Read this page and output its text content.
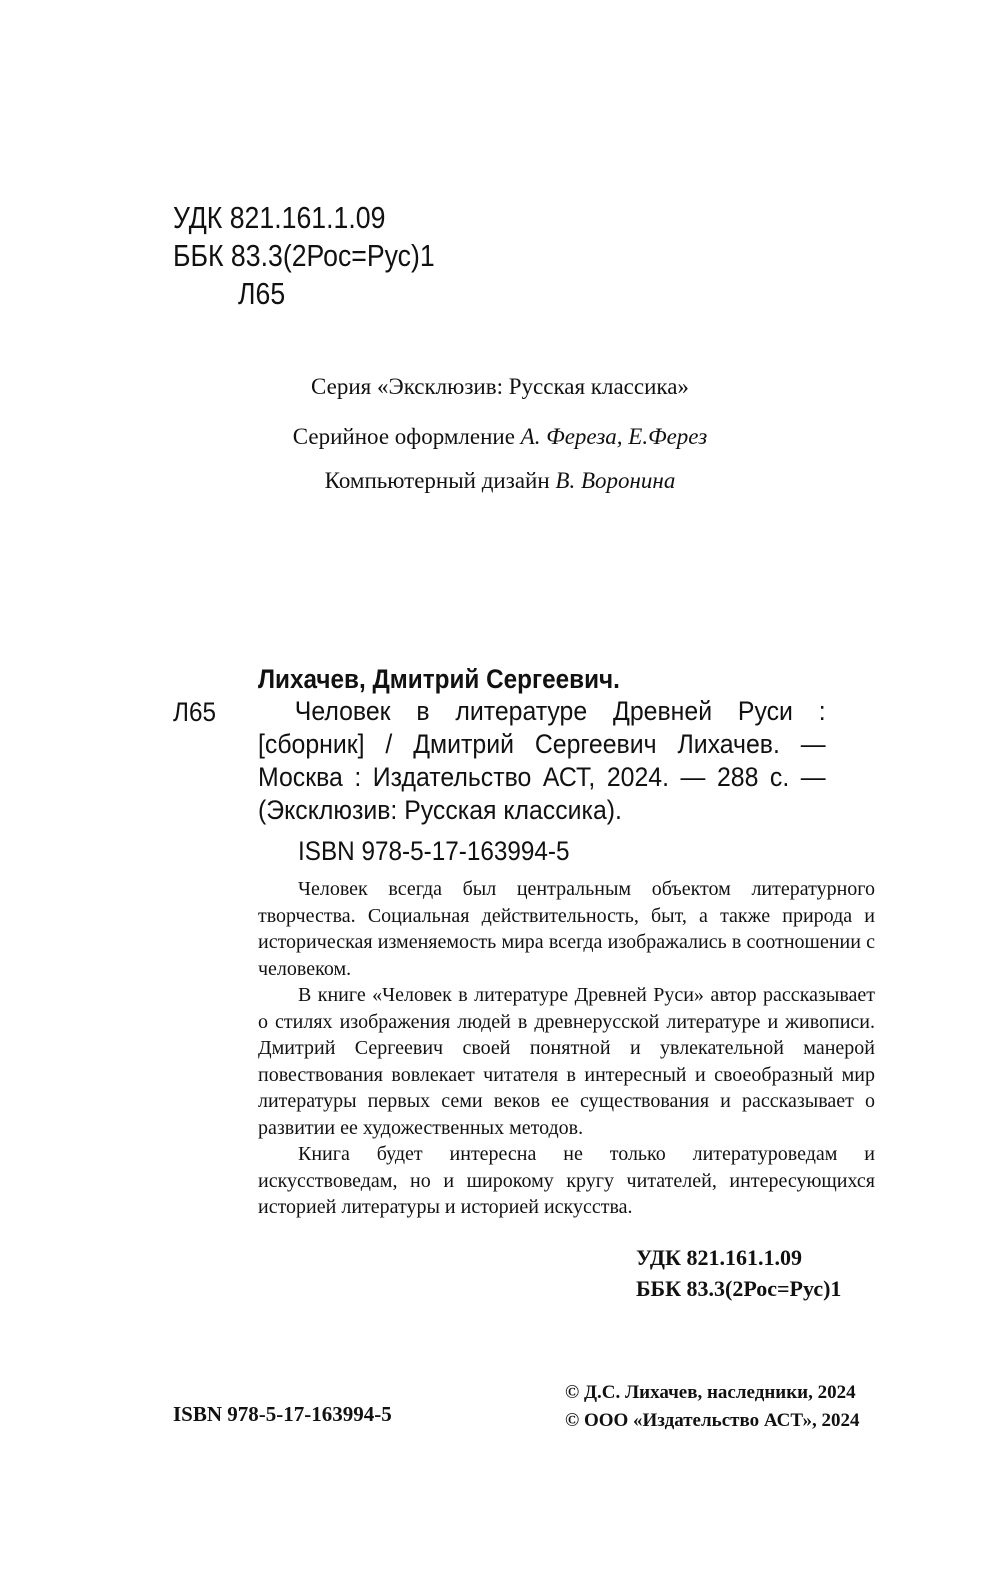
УДК 821.161.1.09
ББК 83.3(2Рос=Рус)1
Л65
Серия «Эксклюзив: Русская классика»
Серийное оформление А. Фереза, Е.Ферез
Компьютерный дизайн В. Воронина
Лихачев, Дмитрий Сергеевич.
Л65	Человек в литературе Древней Руси : [сборник] / Дмитрий Сергеевич Лихачев. — Москва : Издательство АСТ, 2024. — 288 с. — (Эксклюзив: Русская классика).
ISBN 978-5-17-163994-5

Человек всегда был центральным объектом литературного творчества. Социальная действительность, быт, а также природа и историческая изменяемость мира всегда изображались в соотношении с человеком.

В книге «Человек в литературе Древней Руси» автор рассказывает о стилях изображения людей в древнерусской литературе и живописи. Дмитрий Сергеевич своей понятной и увлекательной манерой повествования вовлекает читателя в интересный и своеобразный мир литературы первых семи веков ее существования и рассказывает о развитии ее художественных методов.

Книга будет интересна не только литературоведам и искусствоведам, но и широкому кругу читателей, интересующихся историей литературы и историей искусства.

УДК 821.161.1.09
ББК 83.3(2Рос=Рус)1
© Д.С. Лихачев, наследники, 2024
© ООО «Издательство АСТ», 2024
ISBN 978-5-17-163994-5
